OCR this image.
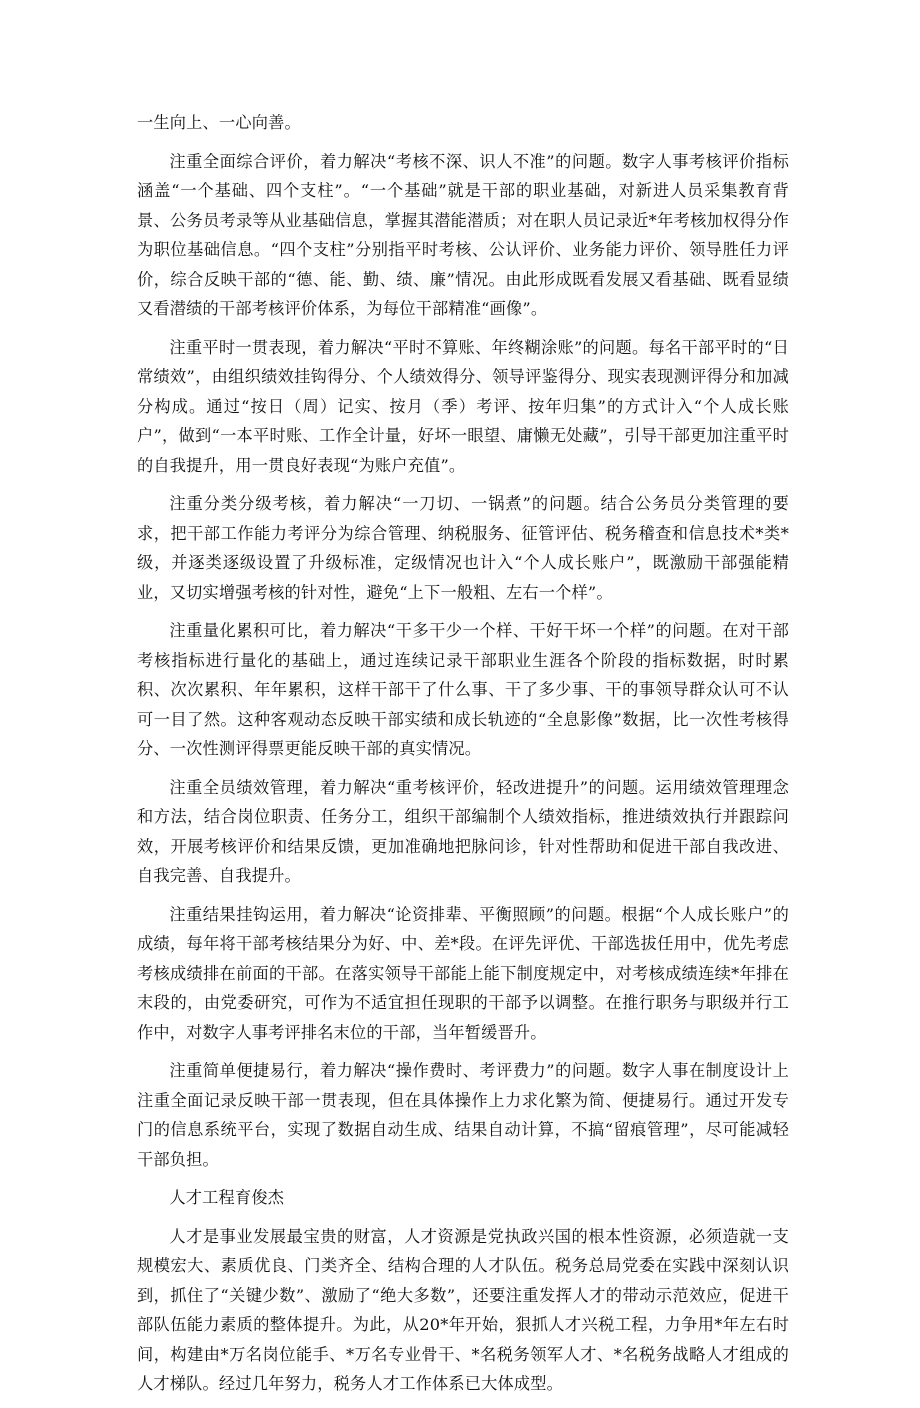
一生向上、一心向善。

注重全面综合评价，着力解决“考核不深、识人不准”的问题。数字人事考核评价指标涵盖“一个基础、四个支柱”。“一个基础”就是干部的职业基础，对新进人员采集教育背景、公务员考录等从业基础信息，掌握其潜能潜质；对在职人员记录近*年考核加权得分作为职位基础信息。“四个支柱”分别指平时考核、公认评价、业务能力评价、领导胜任力评价，综合反映干部的“德、能、勤、绩、廉”情况。由此形成既看发展又看基础、既看显绩又看潜绩的干部考核评价体系，为每位干部精准“画像”。

注重平时一贯表现，着力解决“平时不算账、年终糊涂账”的问题。每名干部平时的“日常绩效”，由组织绩效挂钩得分、个人绩效得分、领导评鉴得分、现实表现测评得分和加减分构成。通过“按日（周）记实、按月（季）考评、按年归集”的方式计入“个人成长账户”，做到“一本平时账、工作全计量，好坏一眼望、庸懒无处藏”，引导干部更加注重平时的自我提升，用一贯良好表现“为账户充值”。

注重分类分级考核，着力解决“一刀切、一锅煮”的问题。结合公务员分类管理的要求，把干部工作能力考评分为综合管理、纳税服务、征管评估、税务稽查和信息技术*类*级，并逐类逐级设置了升级标准，定级情况也计入“个人成长账户”，既激励干部强能精业，又切实增强考核的针对性，避免“上下一般粗、左右一个样”。

注重量化累积可比，着力解决“干多干少一个样、干好干坏一个样”的问题。在对干部考核指标进行量化的基础上，通过连续记录干部职业生涯各个阶段的指标数据，时时累积、次次累积、年年累积，这样干部干了什么事、干了多少事、干的事领导群众认可不认可一目了然。这种客观动态反映干部实绩和成长轨迹的“全息影像”数据，比一次性考核得分、一次性测评得票更能反映干部的真实情况。

注重全员绩效管理，着力解决“重考核评价，轻改进提升”的问题。运用绩效管理理念和方法，结合岗位职责、任务分工，组织干部编制个人绩效指标，推进绩效执行并跟踪问效，开展考核评价和结果反馈，更加准确地把脉问诊，针对性帮助和促进干部自我改进、自我完善、自我提升。

注重结果挂钩运用，着力解决“论资排辈、平衡照顾”的问题。根据“个人成长账户”的成绩，每年将干部考核结果分为好、中、差*段。在评先评优、干部选拔任用中，优先考虑考核成绩排在前面的干部。在落实领导干部能上能下制度规定中，对考核成绩连续*年排在末段的，由党委研究，可作为不适宜担任现职的干部予以调整。在推行职务与职级并行工作中，对数字人事考评排名末位的干部，当年暂缓晋升。

注重简单便捷易行，着力解决“操作费时、考评费力”的问题。数字人事在制度设计上注重全面记录反映干部一贯表现，但在具体操作上力求化繁为简、便捷易行。通过开发专门的信息系统平台，实现了数据自动生成、结果自动计算，不搞“留痕管理”，尽可能减轻干部负担。

人才工程育俊杰

人才是事业发展最宝贵的财富，人才资源是党执政兴国的根本性资源，必须造就一支规模宏大、素质优良、门类齐全、结构合理的人才队伍。税务总局党委在实践中深刻认识到，抓住了“关键少数”、激励了“绝大多数”，还要注重发挥人才的带动示范效应，促进干部队伍能力素质的整体提升。为此，从20*年开始，狠抓人才兴税工程，力争用*年左右时间，构建由*万名岗位能手、*万名专业骨干、*名税务领军人才、*名税务战略人才组成的人才梯队。经过几年努力，税务人才工作体系已大体成型。
